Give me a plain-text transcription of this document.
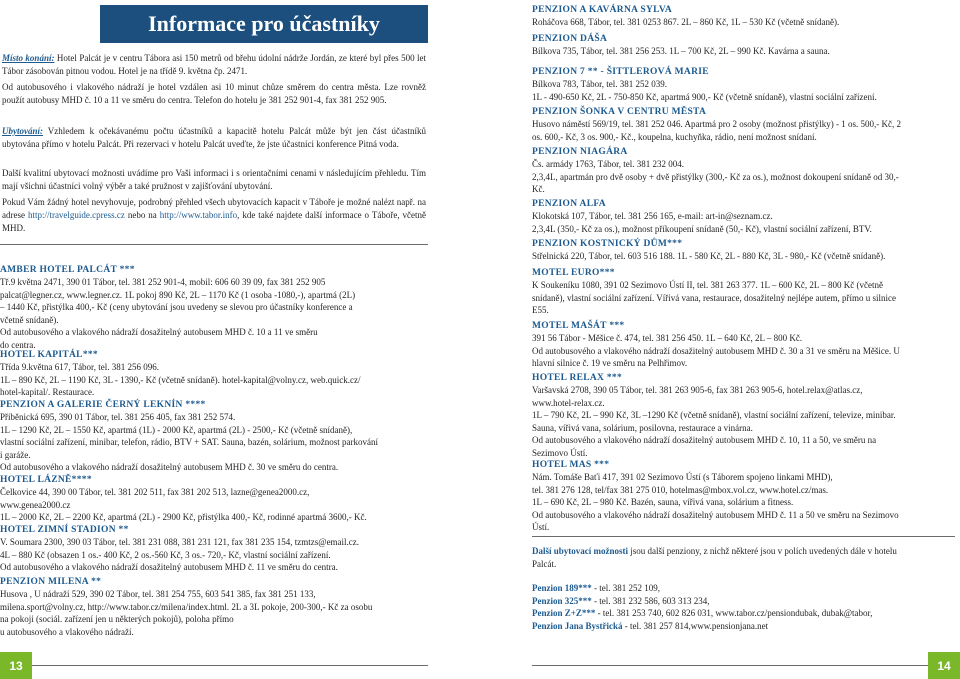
Informace pro účastníky

Místo konání: Hotel Palcát je v centru Tábora asi 150 metrů od břehu údolní nádrže Jordán, ze které byl přes 500 let Tábor zásobován pitnou vodou. Hotel je na třídě 9. května čp. 2471.

Od autobusového i vlakového nádraží je hotel vzdálen asi 10 minut chůze směrem do centra města. Lze rovněž použít autobusy MHD č. 10 a 11 ve směru do centra. Telefon do hotelu je 381 252 901-4, fax 381 252 905.

Ubytování: Vzhledem k očekávanému počtu účastníků a kapacitě hotelu Palcát může být jen část účastníků ubytována přímo v hotelu Palcát. Při rezervaci v hotelu Palcát uveďte, že jste účastníci konference Pitná voda.

Další kvalitní ubytovací možnosti uvádíme pro Vaši informaci i s orientačními cenami v následujícím přehledu. Tím mají všichni účastníci volný výběr a také pružnost v zajišťování ubytování.

Pokud Vám žádný hotel nevyhovuje, podrobný přehled všech ubytovacích kapacit v Táboře je možné nalézt např. na adrese http://travelguide.cpress.cz nebo na http://www.tabor.info, kde také najdete další informace o Táboře, včetně MHD.

AMBER HOTEL PALCÁT ***
Tř.9 května 2471, 390 01 Tábor, tel. 381 252 901-4, mobil: 606 60 39 09, fax 381 252 905
palcat@legner.cz, www.legner.cz. 1L pokoj 890 Kč, 2L – 1170 Kč (1 osoba -1080,-), apartmá (2L)
– 1440 Kč, přistýlka 400,- Kč (ceny ubytování jsou uvedeny se slevou pro účastníky konference a
včetně snídaně).
Od autobusového a vlakového nádraží dosažitelný autobusem MHD č. 10 a 11 ve směru
do centra.
HOTEL KAPITÁL***
Třída 9.května 617, Tábor, tel. 381 256 096.
1L – 890 Kč, 2L – 1190 Kč, 3L - 1390,- Kč (včetně snídaně). hotel-kapital@volny.cz, web.quick.cz/
hotel-kapital/. Restaurace.
PENZION A GALERIE ČERNÝ LEKNÍN ****
Příběnická 695, 390 01 Tábor, tel. 381 256 405, fax 381 252 574.
1L – 1290 Kč, 2L – 1550 Kč, apartmá (1L) - 2000 Kč, apartmá (2L) - 2500,- Kč (včetně snídaně),
vlastní sociální zařízení, minibar, telefon, rádio, BTV + SAT. Sauna, bazén, solárium, možnost parkování
i garáže.
Od autobusového a vlakového nádraží dosažitelný autobusem MHD č. 30 ve směru do centra.
HOTEL LÁZNĚ****
Čelkovice 44, 390 00 Tábor, tel. 381 202 511, fax 381 202 513, lazne@genea2000.cz,
www.genea2000.cz
1L – 2000 Kč, 2L – 2200 Kč, apartmá (2L) - 2900 Kč, přistýlka 400,- Kč, rodinné apartmá 3600,- Kč.
HOTEL ZIMNÍ STADION **
V. Soumara 2300, 390 03 Tábor, tel. 381 231 088, 381 231 121, fax 381 235 154, tzmtzs@email.cz.
4L – 880 Kč (obsazen 1 os.- 400 Kč, 2 os.-560 Kč, 3 os.- 720,- Kč, vlastní sociální zařízení.
Od autobusového a vlakového nádraží dosažitelný autobusem MHD č. 11 ve směru do centra.
PENZION MILENA **
Husova , U nádraží 529, 390 02 Tábor, tel. 381 254 755, 603 541 385, fax 381 251 133,
milena.sport@volny.cz, http://www.tabor.cz/milena/index.html. 2L a 3L pokoje, 200-300,- Kč za osobu
na pokoji (sociál. zařízení jen u některých pokojů), poloha přímo
u autobusového a vlakového nádraží.
13
PENZION A KAVÁRNA SYLVA
Roháčova 668, Tábor, tel. 381 0253 867. 2L – 860 Kč, 1L – 530 Kč (včetně snídaně).
PENZION DÁŠA
Bílkova 735, Tábor, tel. 381 256 253. 1L – 700 Kč, 2L – 990 Kč. Kavárna a sauna.
PENZION 7 ** - ŠITTLEROVÁ MARIE
Bílkova 783, Tábor, tel. 381 252 039.
1L - 490-650 Kč, 2L - 750-850 Kč, apartmá 900,- Kč (včetně snídaně), vlastní sociální zařízení.
PENZION ŠONKA V CENTRU MĚSTA
Husovo náměstí 569/19, tel. 381 252 046. Apartmá pro 2 osoby (možnost přistýlky) - 1 os. 500,- Kč, 2
os. 600,- Kč, 3 os. 900,- Kč., koupelna, kuchyňka, rádio, není možnost snídaní.
PENZION NIAGÁRA
Čs. armády 1763, Tábor, tel. 381 232 004.
2,3,4L, apartmán pro dvě osoby + dvě přistýlky (300,- Kč za os.), možnost dokoupení snídaně od 30,-
Kč.
PENZION ALFA
Klokotská 107, Tábor, tel. 381 256 165, e-mail: art-in@seznam.cz.
2,3,4L (350,- Kč za os.), možnost příkoupení snídaně (50,- Kč), vlastní sociální zařízení, BTV.
PENZION KOSTNICKÝ DŮM***
Střelnická 220, Tábor, tel. 603 516 188. 1L - 580 Kč, 2L - 880 Kč, 3L - 980,- Kč (včetně snídaně).
MOTEL EURO***
K Soukeníku 1080, 391 02 Sezimovo Ústí II, tel. 381 263 377. 1L – 600 Kč, 2L – 800 Kč (včetně
snídaně), vlastní sociální zařízení. Vířivá vana, restaurace, dosažitelný nejlépe autem, přímo u silnice
E55.
MOTEL MAŠÁT ***
391 56 Tábor - Měšice č. 474, tel. 381 256 450. 1L – 640 Kč, 2L – 800 Kč.
Od autobusového a vlakového nádraží dosažitelný autobusem MHD č. 30 a 31 ve směru na Měšice. U
hlavní silnice č. 19 ve směru na Pelhřimov.
HOTEL RELAX ***
Varšavská 2708, 390 05 Tábor, tel. 381 263 905-6, fax 381 263 905-6, hotel.relax@atlas.cz,
www.hotel-relax.cz.
1L – 790 Kč, 2L – 990 Kč, 3L –1290 Kč (včetně snídaně), vlastní sociální zařízení, televize, minibar.
Sauna, vířivá vana, solárium, posilovna, restaurace a vinárna.
Od autobusového a vlakového nádraží dosažitelný autobusem MHD č. 10, 11 a 50, ve směru na
Sezimovo Ústí.
HOTEL MAS ***
Nám. Tomáše Baťi 417, 391 02 Sezimovo Ústí (s Táborem spojeno linkami MHD),
tel. 381 276 128, tel/fax 381 275 010, hotelmas@mbox.vol.cz, www.hotel.cz/mas.
1L – 690 Kč, 2L – 980 Kč. Bazén, sauna, vířivá vana, solárium a fitness.
Od autobusového a vlakového nádraží dosažitelný autobusem MHD č. 11 a 50 ve směru na Sezimovo
Ústí.
Další ubytovací možnosti jsou další penziony, z nichž některé jsou v polích uvedených dále v hotelu
Palcát.
Penzion 189*** - tel. 381 252 109,
Penzion 325*** - tel. 381 232 586, 603 313 234,
Penzion Z+Z*** - tel. 381 253 740, 602 826 031, www.tabor.cz/pensiondubak, dubak@tabor,
Penzion Jana Bystřická - tel. 381 257 814,www.pensionjana.net
14
